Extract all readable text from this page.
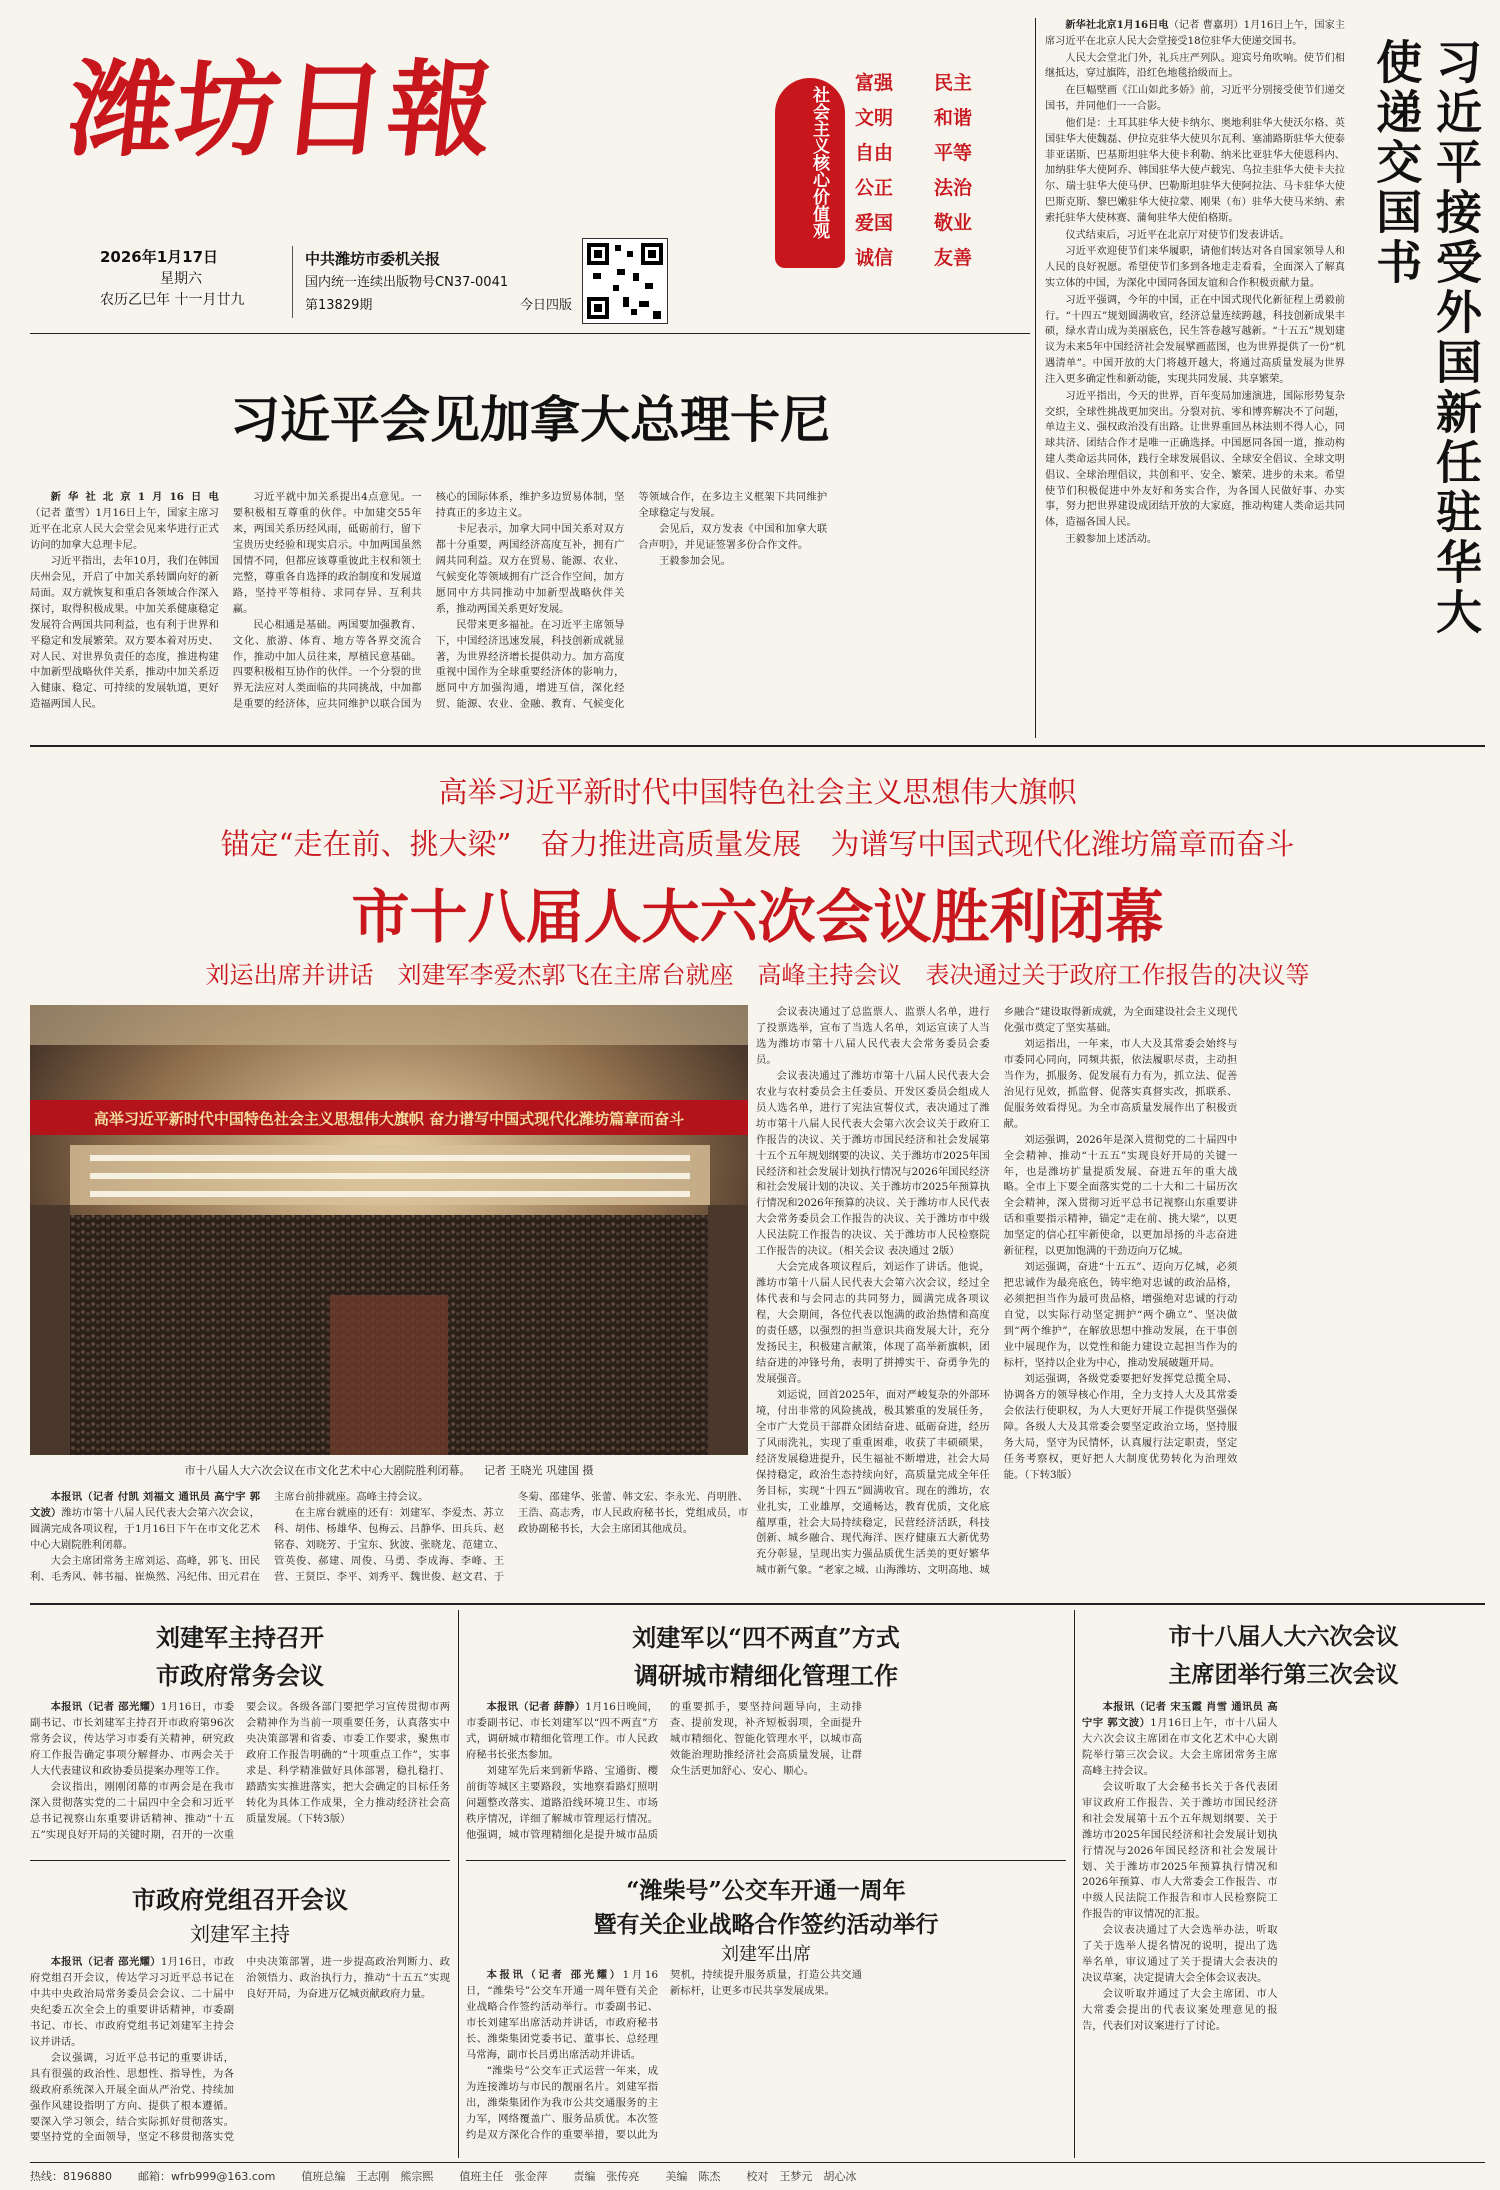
潍坊日報
2026年1月17日
星期六
农历乙巳年 十一月廿九
中共潍坊市委机关报
国内统一连续出版物号CN37-0041
第13829期	今日四版
社会主义核心价值观
富强	民主
文明	和谐
自由	平等
公正	法治
爱国	敬业
诚信	友善	习近平接受外国新任驻华大使递交国书

新华社北京1月16日电（记者 曹嘉玥）1月16日上午，国家主席习近平在北京人民大会堂接受18位驻华大使递交国书。

人民大会堂北门外，礼兵庄严列队。迎宾号角吹响。使节们相继抵达，穿过旗阵，沿红色地毯拾级而上。

在巨幅壁画《江山如此多娇》前，习近平分别接受使节们递交国书，并同他们一一合影。

他们是：土耳其驻华大使卡纳尔、奥地利驻华大使沃尔格、英国驻华大使魏磊、伊拉克驻华大使贝尔瓦利、塞浦路斯驻华大使泰菲亚诺斯、巴基斯坦驻华大使卡利勒、纳米比亚驻华大使恩科内、加纳驻华大使阿乔、韩国驻华大使卢载宪、乌拉圭驻华大使卡夫拉尔、瑞士驻华大使马伊、巴勒斯坦驻华大使阿拉法、马卡驻华大使巴斯克斯、黎巴嫩驻华大使拉蒙、刚果（布）驻华大使马米纳、索索托驻华大使林赛、蒲甸驻华大使伯格斯。

仪式结束后，习近平在北京厅对使节们发表讲话。

习近平欢迎使节们来华履职，请他们转达对各自国家领导人和人民的良好祝愿。希望使节们多到各地走走看看，全面深入了解真实立体的中国，为深化中国同各国友谊和合作积极贡献力量。

习近平强调，今年的中国，正在中国式现代化新征程上勇毅前行。“十四五”规划圆满收官，经济总量连续跨越，科技创新成果丰硕，绿水青山成为美丽底色，民生答卷越写越新。“十五五”规划建议为未来5年中国经济社会发展擘画蓝图，也为世界提供了一份“机遇清单”。中国开放的大门将越开越大，将通过高质量发展为世界注入更多确定性和新动能，实现共同发展、共享繁荣。

习近平指出，今天的世界，百年变局加速演进，国际形势复杂交织，全球性挑战更加突出。分裂对抗、零和博弈解决不了问题，单边主义、强权政治没有出路。让世界重回丛林法则不得人心，同球共济、团结合作才是唯一正确选择。中国愿同各国一道，推动构建人类命运共同体，践行全球发展倡议、全球安全倡议、全球文明倡议、全球治理倡议，共创和平、安全、繁荣、进步的未来。希望使节们积极促进中外友好和务实合作，为各国人民做好事、办实事，努力把世界建设成团结开放的大家庭，推动构建人类命运共同体，造福各国人民。

王毅参加上述活动。

习近平会见加拿大总理卡尼

新华社北京1月16日电（记者 董雪）1月16日上午，国家主席习近平在北京人民大会堂会见来华进行正式访问的加拿大总理卡尼。

习近平指出，去年10月，我们在韩国庆州会见，开启了中加关系转圜向好的新局面。双方就恢复和重启各领域合作深入探讨，取得积极成果。中加关系健康稳定发展符合两国共同利益，也有利于世界和平稳定和发展繁荣。双方要本着对历史、对人民、对世界负责任的态度，推进构建中加新型战略伙伴关系，推动中加关系迈入健康、稳定、可持续的发展轨道，更好造福两国人民。

习近平就中加关系提出4点意见。一要积极相互尊重的伙伴。中加建交55年来，两国关系历经风雨，砥砺前行，留下宝贵历史经验和现实启示。中加两国虽然国情不同，但都应该尊重彼此主权和领土完整，尊重各自选择的政治制度和发展道路，坚持平等相待、求同存异、互利共赢。

民心相通是基础。两国要加强教育、文化、旅游、体育、地方等各界交流合作，推动中加人员往来，厚植民意基础。四要积极相互协作的伙伴。一个分裂的世界无法应对人类面临的共同挑战，中加都是重要的经济体，应共同维护以联合国为核心的国际体系，维护多边贸易体制，坚持真正的多边主义。

卡尼表示，加拿大同中国关系对双方都十分重要，两国经济高度互补，拥有广阔共同利益。双方在贸易、能源、农业、气候变化等领域拥有广泛合作空间，加方愿同中方共同推动中加新型战略伙伴关系，推动两国关系更好发展。

民带来更多福祉。在习近平主席领导下，中国经济迅速发展，科技创新成就显著，为世界经济增长提供动力。加方高度重视中国作为全球重要经济体的影响力，愿同中方加强沟通，增进互信，深化经贸、能源、农业、金融、教育、气候变化等领域合作，在多边主义框架下共同维护全球稳定与发展。

会见后，双方发表《中国和加拿大联合声明》，并见证签署多份合作文件。

王毅参加会见。

高举习近平新时代中国特色社会主义思想伟大旗帜
锚定“走在前、挑大梁”　奋力推进高质量发展　为谱写中国式现代化潍坊篇章而奋斗
市十八届人大六次会议胜利闭幕
刘运出席并讲话　刘建军李爱杰郭飞在主席台就座　高峰主持会议　表决通过关于政府工作报告的决议等
高举习近平新时代中国特色社会主义思想伟大旗帜 奋力谱写中国式现代化潍坊篇章而奋斗
市十八届人大六次会议在市文化艺术中心大剧院胜利闭幕。 记者 王晓光 巩建国 摄

本报讯（记者 付凯 刘福文 通讯员 高宁宇 郭文波）潍坊市第十八届人民代表大会第六次会议，圆满完成各项议程，于1月16日下午在市文化艺术中心大剧院胜利闭幕。

大会主席团常务主席刘运、高峰，郭飞、田民利、毛秀风、韩书福、崔焕然、冯纪伟、田元君在主席台前排就座。高峰主持会议。

在主席台就座的还有：刘建军、李爱杰、苏立科、胡伟、杨雄华、包梅云、吕静华、田兵兵、赵铭春、刘晓芳、于宝东、狄波、张晓龙、范建立、管英俊、郝建、周俊、马勇、李成海、李峰、王营、王贤臣、李平、刘秀平、魏世俊、赵文君、于冬菊、邵建华、张蕾、韩文宏、李永光、肖明胜、王浩、高志秀，市人民政府秘书长，党组成员，市政协副秘书长，大会主席团其他成员。

会议表决通过了总监票人、监票人名单，进行了投票选举，宣布了当选人名单，刘运宣读了人当选为潍坊市第十八届人民代表大会常务委员会委员。

会议表决通过了潍坊市第十八届人民代表大会农业与农村委员会主任委员、开发区委员会组成人员人选名单，进行了宪法宣誓仪式，表决通过了潍坊市第十八届人民代表大会第六次会议关于政府工作报告的决议、关于潍坊市国民经济和社会发展第十五个五年规划纲要的决议、关于潍坊市2025年国民经济和社会发展计划执行情况与2026年国民经济和社会发展计划的决议、关于潍坊市2025年预算执行情况和2026年预算的决议、关于潍坊市人民代表大会常务委员会工作报告的决议、关于潍坊市中级人民法院工作报告的决议、关于潍坊市人民检察院工作报告的决议。（相关会议 表决通过 2版）

大会完成各项议程后，刘运作了讲话。他说，潍坊市第十八届人民代表大会第六次会议，经过全体代表和与会同志的共同努力，圆满完成各项议程，大会期间，各位代表以饱满的政治热情和高度的责任感，以强烈的担当意识共商发展大计，充分发扬民主，积极建言献策，体现了高举新旗帜，团结奋进的冲锋号角，表明了拼搏实干、奋勇争先的发展强音。

刘运说，回首2025年，面对严峻复杂的外部环境，付出非常的风险挑战，极其繁重的发展任务，全市广大党员干部群众团结奋进、砥砺奋进，经历了风雨洗礼，实现了重重困难，收获了丰硕硕果，经济发展稳进提升，民生福祉不断增进，社会大局保持稳定，政治生态持续向好，高质量完成全年任务目标，实现“十四五”圆满收官。现在的潍坊，农业扎实，工业雄厚，交通畅达，教育优质，文化底蕴厚重，社会大局持续稳定，民营经济活跃，科技创新、城乡融合、现代海洋、医疗健康五大新优势充分彰显，呈现出实力强品质优生活美的更好繁华城市新气象。“老家之城、山海潍坊、文明高地、城乡融合”建设取得新成就，为全面建设社会主义现代化强市奠定了坚实基础。

刘运指出，一年来，市人大及其常委会始终与市委同心同向，同频共振，依法履职尽责，主动担当作为，抓服务、促发展有力有为，抓立法、促善治见行见效，抓监督、促落实真督实改，抓联系、促服务效看得见。为全市高质量发展作出了积极贡献。

刘运强调，2026年是深入贯彻党的二十届四中全会精神、推动“十五五”实现良好开局的关键一年，也是潍坊扩量提质发展、奋进五年的重大战略。全市上下要全面落实党的二十大和二十届历次全会精神，深入贯彻习近平总书记视察山东重要讲话和重要指示精神，锚定“走在前、挑大梁”，以更加坚定的信心扛牢新使命，以更加昂扬的斗志奋进新征程，以更加饱满的干劲迈向万亿城。

刘运强调，奋进“十五五”、迈向万亿城，必须把忠诚作为最亮底色，铸牢绝对忠诚的政治品格，必须把担当作为最可贵品格，增强绝对忠诚的行动自觉，以实际行动坚定拥护“两个确立”、坚决做到“两个维护”，在解放思想中推动发展，在干事创业中展现作为，以党性和能力建设立起担当作为的标杆，坚持以企业为中心，推动发展破题开局。

刘运强调，各级党委要把好发挥党总揽全局、协调各方的领导核心作用，全力支持人大及其常委会依法行使职权，为人大更好开展工作提供坚强保障。各级人大及其常委会要坚定政治立场，坚持服务大局，坚守为民情怀，认真履行法定职责，坚定任务考察权，更好把人大制度优势转化为治理效能。（下转3版）

刘建军主持召开
市政府常务会议

本报讯（记者 邵光耀）1月16日，市委副书记、市长刘建军主持召开市政府第96次常务会议，传达学习市委有关精神，研究政府工作报告确定事项分解督办、市两会关于人大代表建议和政协委员提案办理等工作。

会议指出，刚刚闭幕的市两会是在我市深入贯彻落实党的二十届四中全会和习近平总书记视察山东重要讲话精神、推动“十五五”实现良好开局的关键时期，召开的一次重要会议。各级各部门要把学习宣传贯彻市两会精神作为当前一项重要任务，认真落实中央决策部署和省委、市委工作要求，聚焦市政府工作报告明确的“十项重点工作”，实事求是、科学精准做好具体部署，稳扎稳打、踏踏实实推进落实，把大会确定的目标任务转化为具体工作成果，全力推动经济社会高质量发展。（下转3版）

市政府党组召开会议
刘建军主持

本报讯（记者 邵光耀）1月16日，市政府党组召开会议，传达学习习近平总书记在中共中央政治局常务委员会会议、二十届中央纪委五次全会上的重要讲话精神，市委副书记、市长、市政府党组书记刘建军主持会议并讲话。

会议强调，习近平总书记的重要讲话，具有很强的政治性、思想性、指导性，为各级政府系统深入开展全面从严治党、持续加强作风建设指明了方向、提供了根本遵循。要深入学习领会，结合实际抓好贯彻落实。要坚持党的全面领导，坚定不移贯彻落实党中央决策部署，进一步提高政治判断力、政治领悟力、政治执行力，推动“十五五”实现良好开局，为奋进万亿城贡献政府力量。

刘建军以“四不两直”方式
调研城市精细化管理工作

本报讯（记者 薛静）1月16日晚间，市委副书记、市长刘建军以“四不两直”方式，调研城市精细化管理工作。市人民政府秘书长张杰参加。

刘建军先后来到新华路、宝通街、樱前街等城区主要路段，实地察看路灯照明问题整改落实、道路沿线环境卫生、市场秩序情况，详细了解城市管理运行情况。他强调，城市管理精细化是提升城市品质的重要抓手，要坚持问题导向，主动排查、提前发现，补齐短板弱项，全面提升城市精细化、智能化管理水平，以城市高效能治理助推经济社会高质量发展，让群众生活更加舒心、安心、顺心。

“潍柴号”公交车开通一周年
暨有关企业战略合作签约活动举行
刘建军出席

本报讯（记者 邵光耀）1月16日，“潍柴号”公交车开通一周年暨有关企业战略合作签约活动举行。市委副书记、市长刘建军出席活动并讲话，市政府秘书长、潍柴集团党委书记、董事长、总经理马常海，副市长吕勇出席活动并讲话。

“潍柴号”公交车正式运营一年来，成为连接潍坊与市民的靓丽名片。刘建军指出，潍柴集团作为我市公共交通服务的主力军，网络覆盖广、服务品质优。本次签约是双方深化合作的重要举措，要以此为契机，持续提升服务质量，打造公共交通新标杆，让更多市民共享发展成果。

市十八届人大六次会议
主席团举行第三次会议

本报讯（记者 宋玉霞 肖雪 通讯员 高宁宇 郭文波）1月16日上午，市十八届人大六次会议主席团在市文化艺术中心大剧院举行第三次会议。大会主席团常务主席高峰主持会议。

会议听取了大会秘书长关于各代表团审议政府工作报告、关于潍坊市国民经济和社会发展第十五个五年规划纲要、关于潍坊市2025年国民经济和社会发展计划执行情况与2026年国民经济和社会发展计划、关于潍坊市2025年预算执行情况和2026年预算、市人大常委会工作报告、市中级人民法院工作报告和市人民检察院工作报告的审议情况的汇报。

会议表决通过了大会选举办法，听取了关于选举人提名情况的说明，提出了选举名单，审议通过了关于提请大会表决的决议草案，决定提请大会全体会议表决。

会议听取并通过了大会主席团、市人大常委会提出的代表议案处理意见的报告，代表们对议案进行了讨论。

热线：8196880 邮箱：wfrb999@163.com 值班总编　王志刚　熊宗熙 值班主任　张金萍 责编　张传亮 美编　陈杰 校对　王梦元　胡心冰
